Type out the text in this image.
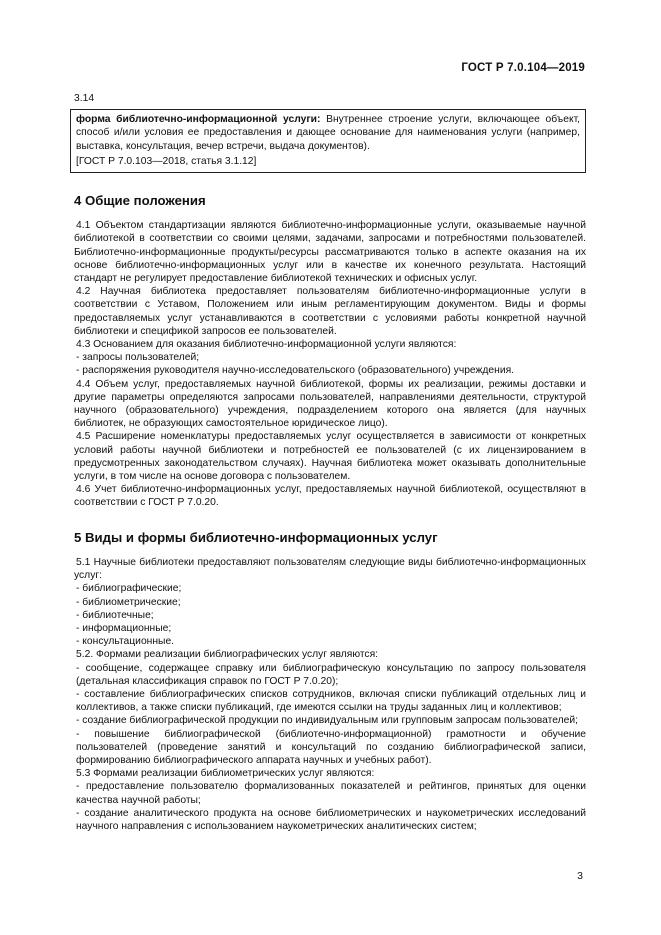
ГОСТ Р 7.0.104—2019
3.14

форма библиотечно-информационной услуги: Внутреннее строение услуги, включающее объект, способ и/или условия ее предоставления и дающее основание для наименования услуги (например, выставка, консультация, вечер встречи, выдача документов).

[ГОСТ Р 7.0.103—2018, статья 3.1.12]

4 Общие положения

4.1 Объектом стандартизации являются библиотечно-информационные услуги, оказываемые научной библиотекой в соответствии со своими целями, задачами, запросами и потребностями пользователей. Библиотечно-информационные продукты/ресурсы рассматриваются только в аспекте оказания на их основе библиотечно-информационных услуг или в качестве их конечного результата. Настоящий стандарт не регулирует предоставление библиотекой технических и офисных услуг.

4.2 Научная библиотека предоставляет пользователям библиотечно-информационные услуги в соответствии с Уставом, Положением или иным регламентирующим документом. Виды и формы предоставляемых услуг устанавливаются в соответствии с условиями работы конкретной научной библиотеки и спецификой запросов ее пользователей.

4.3 Основанием для оказания библиотечно-информационной услуги являются:

- запросы пользователей;

- распоряжения руководителя научно-исследовательского (образовательного) учреждения.

4.4 Объем услуг, предоставляемых научной библиотекой, формы их реализации, режимы доставки и другие параметры определяются запросами пользователей, направлениями деятельности, структурой научного (образовательного) учреждения, подразделением которого она является (для научных библиотек, не образующих самостоятельное юридическое лицо).

4.5 Расширение номенклатуры предоставляемых услуг осуществляется в зависимости от конкретных условий работы научной библиотеки и потребностей ее пользователей (с их лицензированием в предусмотренных законодательством случаях). Научная библиотека может оказывать дополнительные услуги, в том числе на основе договора с пользователем.

4.6 Учет библиотечно-информационных услуг, предоставляемых научной библиотекой, осуществляют в соответствии с ГОСТ Р 7.0.20.

5 Виды и формы библиотечно-информационных услуг

5.1 Научные библиотеки предоставляют пользователям следующие виды библиотечно-информационных услуг:

- библиографические;

- библиометрические;

- библиотечные;

- информационные;

- консультационные.

5.2. Формами реализации библиографических услуг являются:

- сообщение, содержащее справку или библиографическую консультацию по запросу пользователя (детальная классификация справок по ГОСТ Р 7.0.20);

- составление библиографических списков сотрудников, включая списки публикаций отдельных лиц и коллективов, а также списки публикаций, где имеются ссылки на труды заданных лиц и коллективов;

- создание библиографической продукции по индивидуальным или групповым запросам пользователей;

- повышение библиографической (библиотечно-информационной) грамотности и обучение пользователей (проведение занятий и консультаций по созданию библиографической записи, формированию библиографического аппарата научных и учебных работ).

5.3 Формами реализации библиометрических услуг являются:

- предоставление пользователю формализованных показателей и рейтингов, принятых для оценки качества научной работы;

- создание аналитического продукта на основе библиометрических и наукометрических исследований научного направления с использованием наукометрических аналитических систем;

3
